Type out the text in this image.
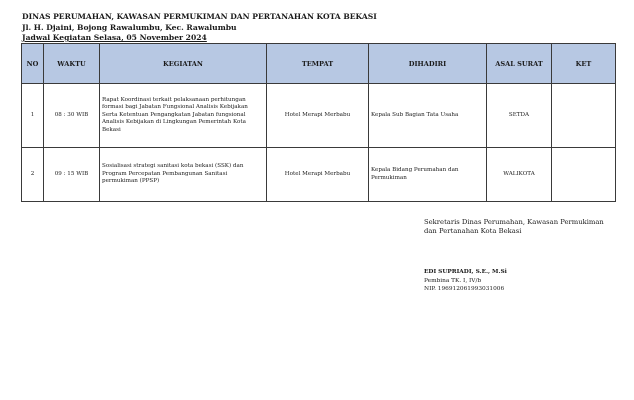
DINAS PERUMAHAN, KAWASAN PERMUKIMAN DAN PERTANAHAN KOTA BEKASI
Jl. H. Djaini, Bojong Rawalumbu, Kec. Rawalumbu
Jadwal Kegiatan Selasa, 05 November 2024
NO	WAKTU	KEGIATAN	TEMPAT	DIHADIRI	ASAL SURAT	KET
1	08 : 30 WIB	Rapat Koordinasi terkait pelaksanaan perhitungan formasi bagi Jabatan Fungsional Analisis Kebijakan Serta Ketentuan Pengangkatan Jabatan fungsional Analisis Kebijakan di Lingkungan Pemerintah Kota Bekasi	Hotel Merapi Merbabu	Kepala Sub Bagian Tata Usaha	SETDA	
2	09 : 15 WIB	Sosialisasi strategi sanitasi kota bekasi (SSK) dan Program Percepatan Pembangunan Sanitasi permukiman (PPSP)	Hotel Merapi Merbabu	Kepala Bidang Perumahan dan Permukiman	WALIKOTA	
Sekretaris Dinas Perumahan, Kawasan Permukiman dan Pertanahan Kota Bekasi
EDI SUPRIADI, S.E., M.Si
Pembina TK. I, IV/b
NIP. 196912061993031006
